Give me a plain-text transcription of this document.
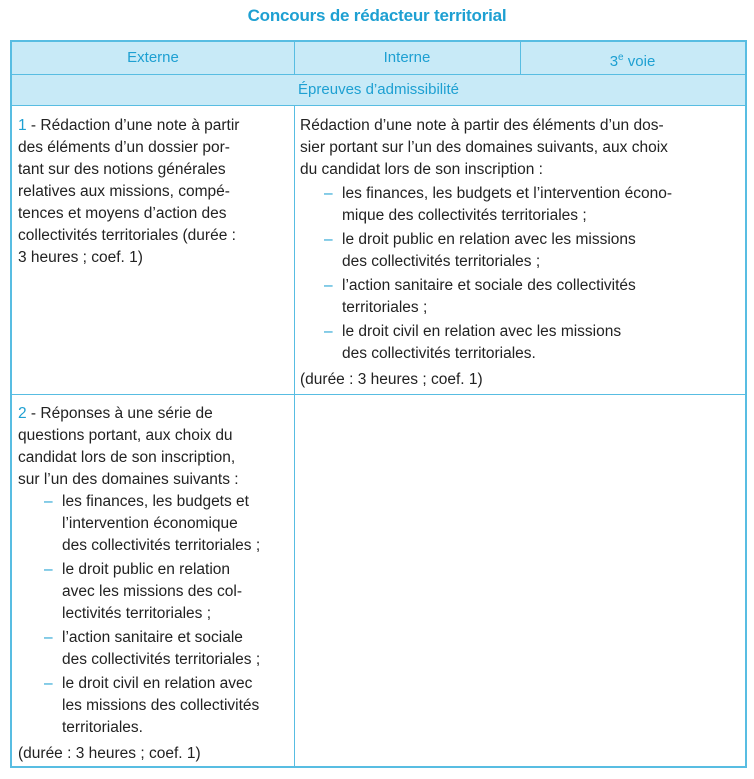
Concours de rédacteur territorial
Externe	Interne	3e voie
Épreuves d’admissibilité
1 - Rédaction d’une note à partir
des éléments d’un dossier por-
tant sur des notions générales
relatives aux missions, compé-
tences et moyens d’action des
collectivités territoriales (durée :
3 heures ; coef. 1)
Rédaction d’une note à partir des éléments d’un dos-
sier portant sur l’un des domaines suivants, aux choix
du candidat lors de son inscription :
– les finances, les budgets et l’intervention écono-
mique des collectivités territoriales ;
– le droit public en relation avec les missions
des collectivités territoriales ;
– l’action sanitaire et sociale des collectivités
territoriales ;
– le droit civil en relation avec les missions
des collectivités territoriales.
(durée : 3 heures ; coef. 1)
2 - Réponses à une série de
questions portant, aux choix du
candidat lors de son inscription,
sur l’un des domaines suivants :
– les finances, les budgets et
l’intervention économique
des collectivités territoriales ;
– le droit public en relation
avec les missions des col-
lectivités territoriales ;
– l’action sanitaire et sociale
des collectivités territoriales ;
– le droit civil en relation avec
les missions des collectivités
territoriales.
(durée : 3 heures ; coef. 1)
